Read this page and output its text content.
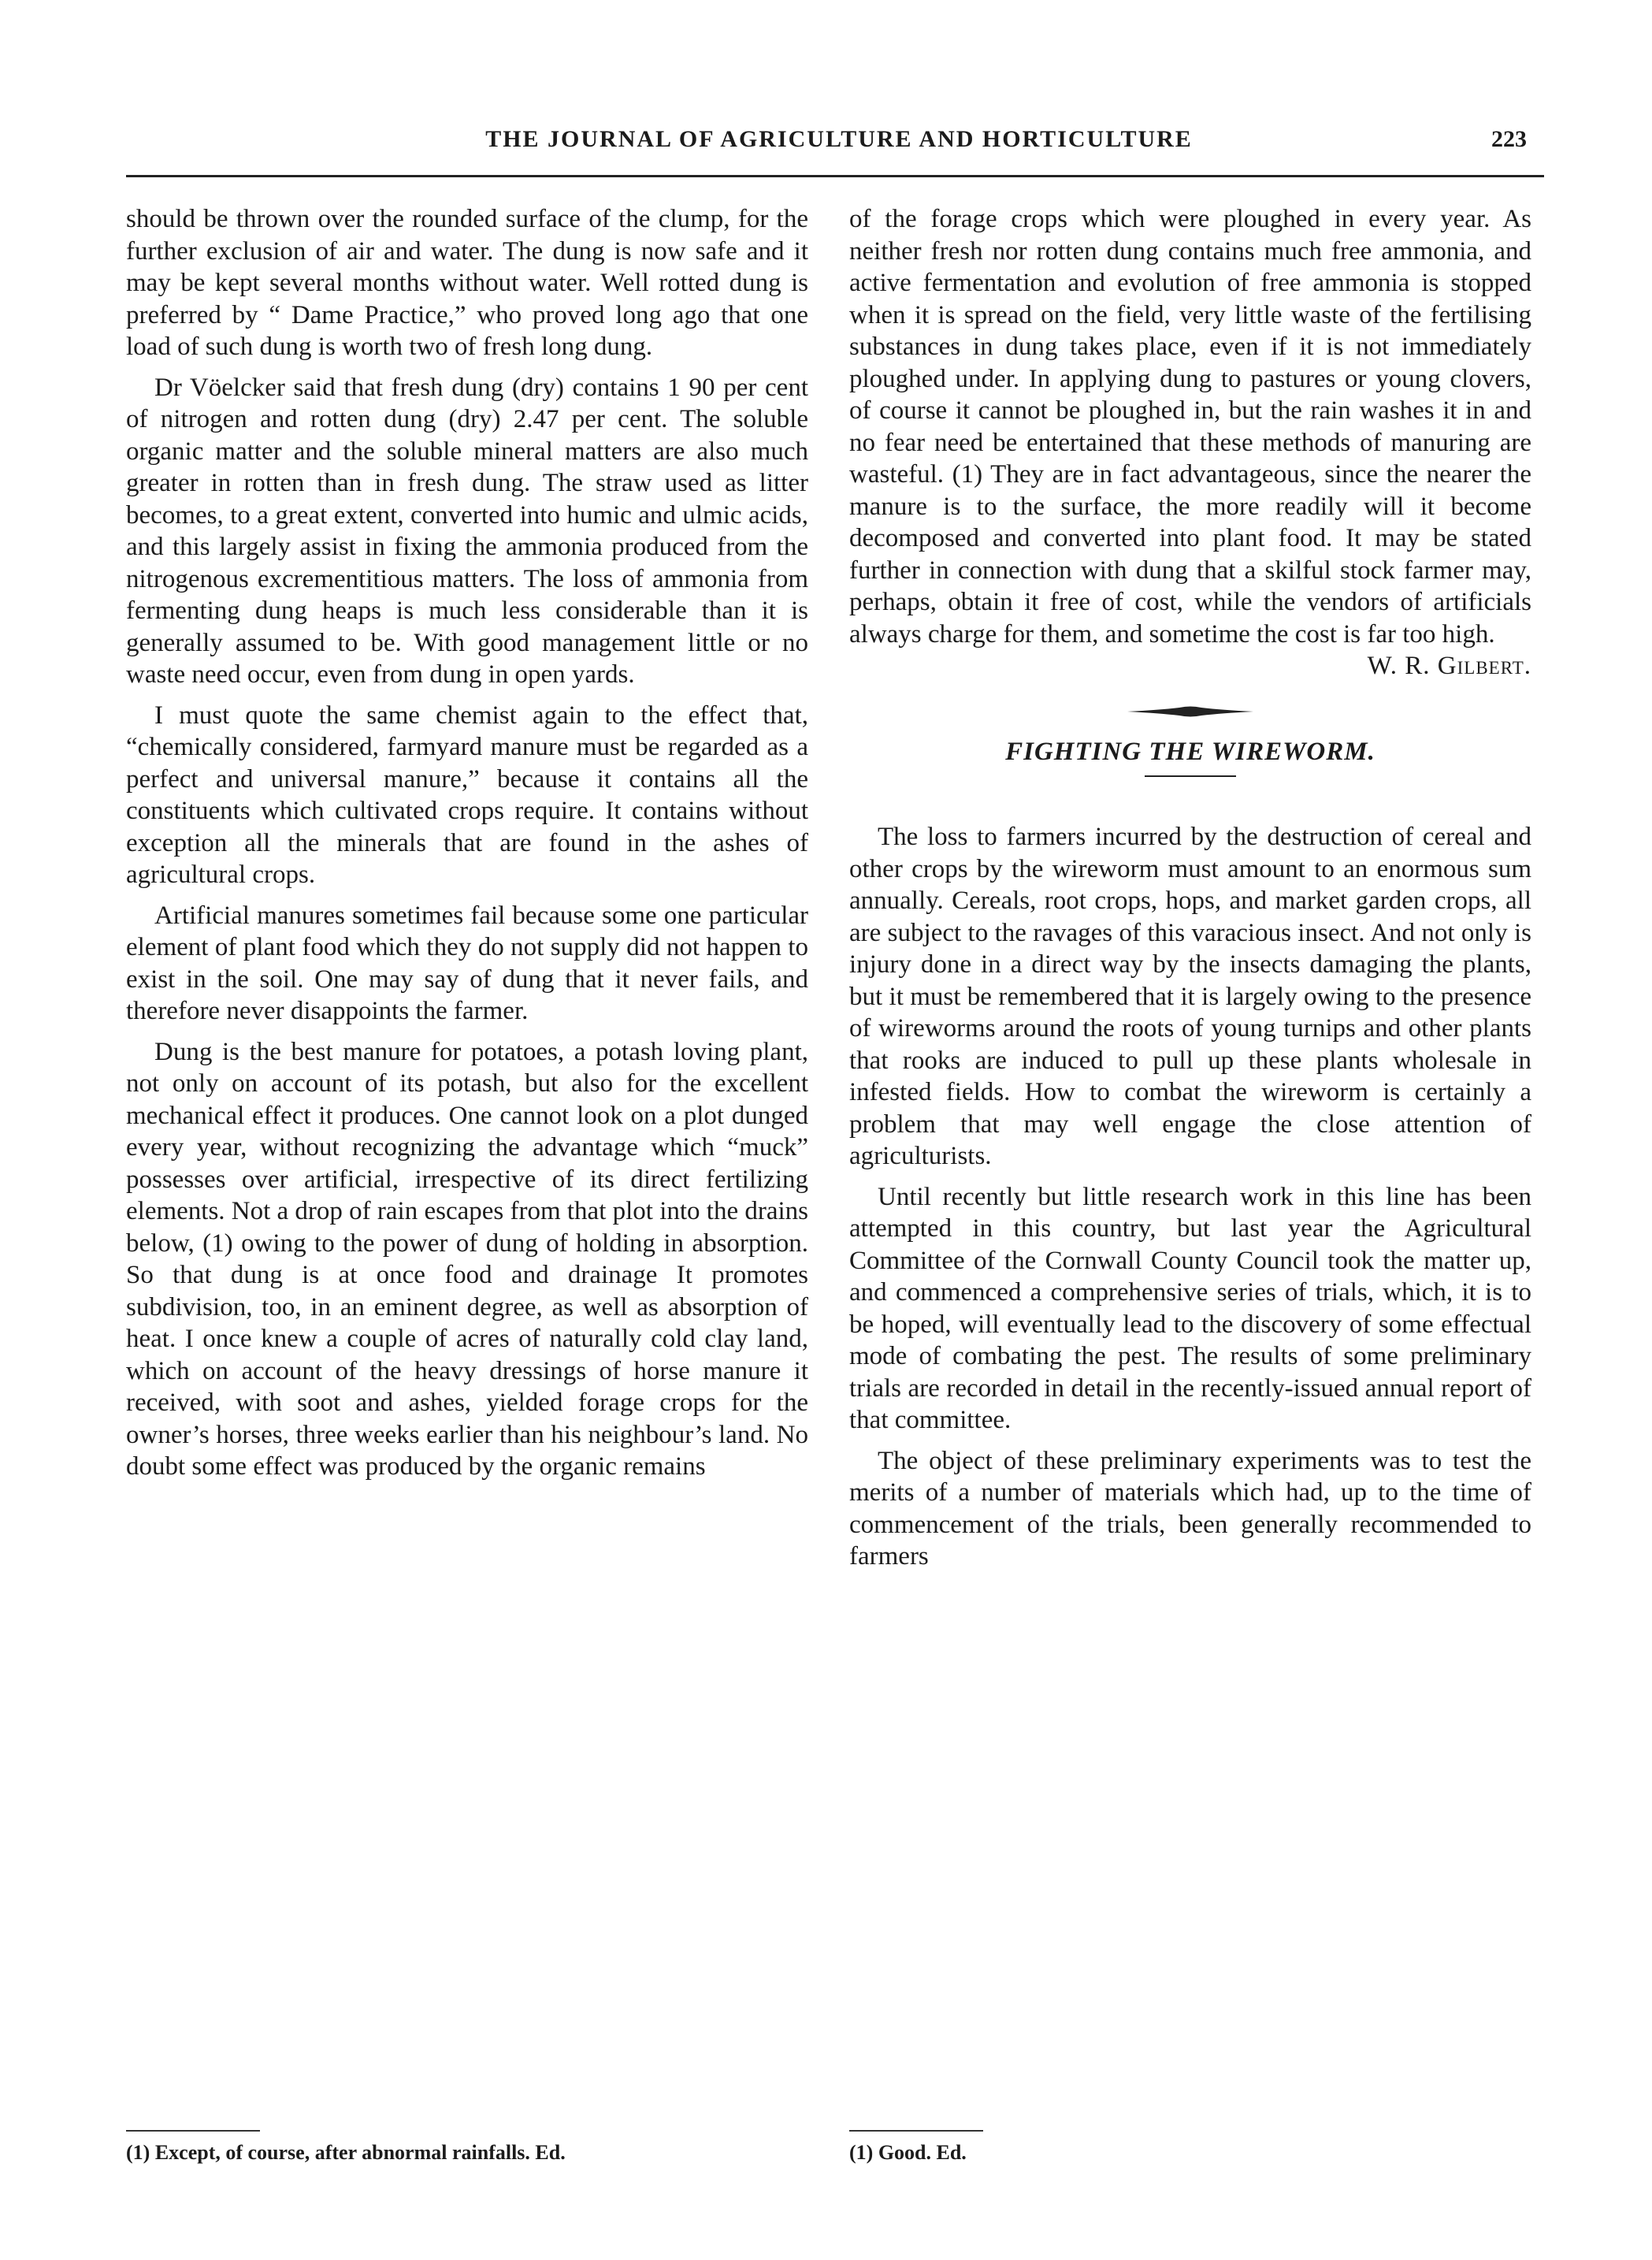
THE JOURNAL OF AGRICULTURE AND HORTICULTURE	223

should be thrown over the rounded surface of the clump, for the further exclusion of air and water. The dung is now safe and it may be kept several months without water. Well rotted dung is preferred by “ Dame Practice,” who proved long ago that one load of such dung is worth two of fresh long dung.

Dr Vöelcker said that fresh dung (dry) contains 1 90 per cent of nitrogen and rotten dung (dry) 2.47 per cent. The soluble organic matter and the soluble mineral matters are also much greater in rotten than in fresh dung. The straw used as litter becomes, to a great extent, converted into humic and ulmic acids, and this largely assist in fixing the ammonia produced from the nitrogenous excrementitious matters. The loss of ammonia from fermenting dung heaps is much less considerable than it is generally assumed to be. With good management little or no waste need occur, even from dung in open yards.

I must quote the same chemist again to the effect that, “chemically considered, farmyard manure must be regarded as a perfect and universal manure,” because it contains all the constituents which cultivated crops require. It contains without exception all the minerals that are found in the ashes of agricultural crops.

Artificial manures sometimes fail because some one particular element of plant food which they do not supply did not happen to exist in the soil. One may say of dung that it never fails, and therefore never disappoints the farmer.

Dung is the best manure for potatoes, a potash loving plant, not only on account of its potash, but also for the excellent mechanical effect it produces. One cannot look on a plot dunged every year, without recognizing the advantage which “muck” possesses over artificial, irrespective of its direct fertilizing elements. Not a drop of rain escapes from that plot into the drains below, (1) owing to the power of dung of holding in absorption. So that dung is at once food and drainage It promotes subdivision, too, in an eminent degree, as well as absorption of heat. I once knew a couple of acres of naturally cold clay land, which on account of the heavy dressings of horse manure it received, with soot and ashes, yielded forage crops for the owner’s horses, three weeks earlier than his neighbour’s land. No doubt some effect was produced by the organic remains

of the forage crops which were ploughed in every year. As neither fresh nor rotten dung contains much free ammonia, and active fermentation and evolution of free ammonia is stopped when it is spread on the field, very little waste of the fertilising substances in dung takes place, even if it is not immediately ploughed under. In applying dung to pastures or young clovers, of course it cannot be ploughed in, but the rain washes it in and no fear need be entertained that these methods of manuring are wasteful. (1) They are in fact advantageous, since the nearer the manure is to the surface, the more readily will it become decomposed and converted into plant food. It may be stated further in connection with dung that a skilful stock farmer may, perhaps, obtain it free of cost, while the vendors of artificials always charge for them, and sometime the cost is far too high.

W. R. Gilbert.

FIGHTING THE WIREWORM.

The loss to farmers incurred by the destruction of cereal and other crops by the wireworm must amount to an enormous sum annually. Cereals, root crops, hops, and market garden crops, all are subject to the ravages of this varacious insect. And not only is injury done in a direct way by the insects damaging the plants, but it must be remembered that it is largely owing to the presence of wireworms around the roots of young turnips and other plants that rooks are induced to pull up these plants wholesale in infested fields. How to combat the wireworm is certainly a problem that may well engage the close attention of agriculturists.

Until recently but little research work in this line has been attempted in this country, but last year the Agricultural Committee of the Cornwall County Council took the matter up, and commenced a comprehensive series of trials, which, it is to be hoped, will eventually lead to the discovery of some effectual mode of combating the pest. The results of some preliminary trials are recorded in detail in the recently-issued annual report of that committee.

The object of these preliminary experiments was to test the merits of a number of materials which had, up to the time of commencement of the trials, been generally recommended to farmers

(1) Except, of course, after abnormal rainfalls. Ed.	(1) Good. Ed.
